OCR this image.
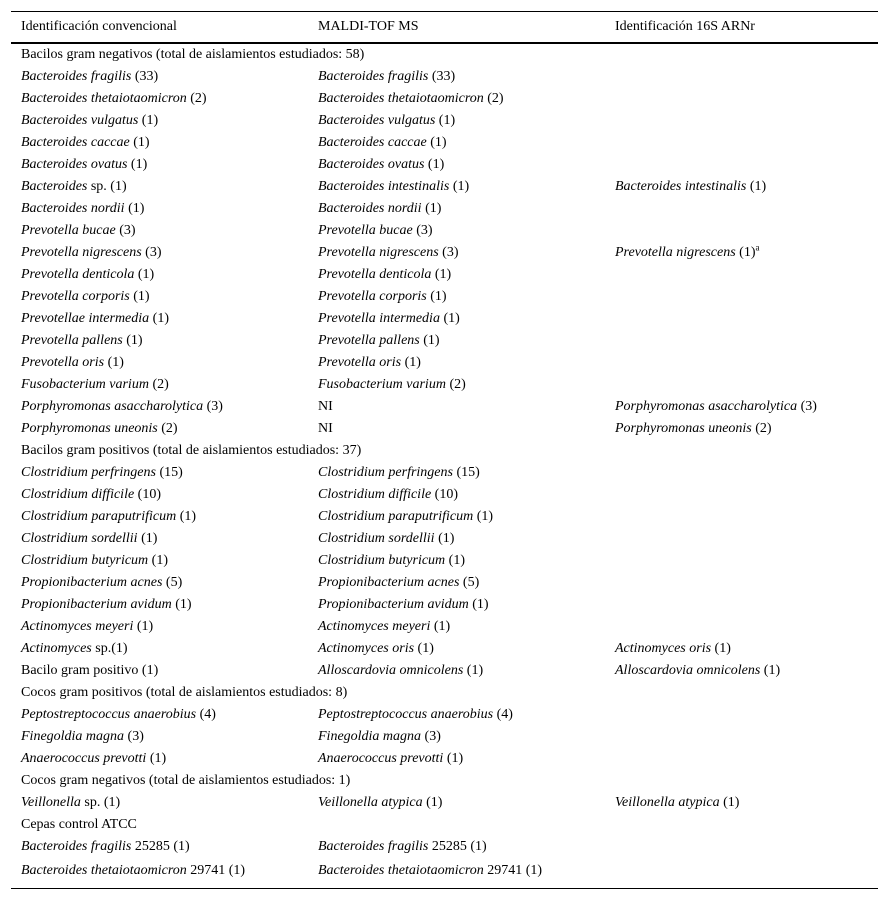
Identificación convencional	MALDI-TOF MS	Identificación 16S ARNr
Bacilos gram negativos (total de aislamientos estudiados: 58)		
Bacteroides fragilis (33)	Bacteroides fragilis (33)	
Bacteroides thetaiotaomicron (2)	Bacteroides thetaiotaomicron (2)	
Bacteroides vulgatus (1)	Bacteroides vulgatus (1)	
Bacteroides caccae (1)	Bacteroides caccae (1)	
Bacteroides ovatus (1)	Bacteroides ovatus (1)	
Bacteroides sp. (1)	Bacteroides intestinalis (1)	Bacteroides intestinalis (1)
Bacteroides nordii (1)	Bacteroides nordii (1)	
Prevotella bucae (3)	Prevotella bucae (3)	
Prevotella nigrescens (3)	Prevotella nigrescens (3)	Prevotella nigrescens $(1)^a$
Prevotella denticola (1)	Prevotella denticola (1)	
Prevotella corporis (1)	Prevotella corporis (1)	
Prevotellae intermedia (1)	Prevotella intermedia (1)	
Prevotella pallens (1)	Prevotella pallens (1)	
Prevotella oris (1)	Prevotella oris (1)	
Fusobacterium varium (2)	Fusobacterium varium (2)	
Porphyromonas asaccharolytica (3)	NI	Porphyromonas asaccharolytica (3)
Porphyromonas uneonis (2)	NI	Porphyromonas uneonis (2)
Bacilos gram positivos (total de aislamientos estudiados: 37)		
Clostridium perfringens (15)	Clostridium perfringens (15)	
Clostridium difficile (10)	Clostridium difficile (10)	
Clostridium paraputrificum (1)	Clostridium paraputrificum (1)	
Clostridium sordellii (1)	Clostridium sordellii (1)	
Clostridium butyricum (1)	Clostridium butyricum (1)	
Propionibacterium acnes (5)	Propionibacterium acnes (5)	
Propionibacterium avidum (1)	Propionibacterium avidum (1)	
Actinomyces meyeri (1)	Actinomyces meyeri (1)	
Actinomyces sp.(1)	Actinomyces oris (1)	Actinomyces oris (1)
Bacilo gram positivo (1)	Alloscardovia omnicolens (1)	Alloscardovia omnicolens (1)
Cocos gram positivos (total de aislamientos estudiados: 8)		
Peptostreptococcus anaerobius (4)	Peptostreptococcus anaerobius (4)	
Finegoldia magna (3)	Finegoldia magna (3)	
Anaerococcus prevotti (1)	Anaerococcus prevotti (1)	
Cocos gram negativos (total de aislamientos estudiados: 1)		
Veillonella sp. (1)	Veillonella atypica (1)	Veillonella atypica (1)
Cepas control ATCC		
Bacteroides fragilis 25285 (1)	Bacteroides fragilis 25285 (1)	
Bacteroides thetaiotaomicron 29741 (1)	Bacteroides thetaiotaomicron 29741 (1)	
